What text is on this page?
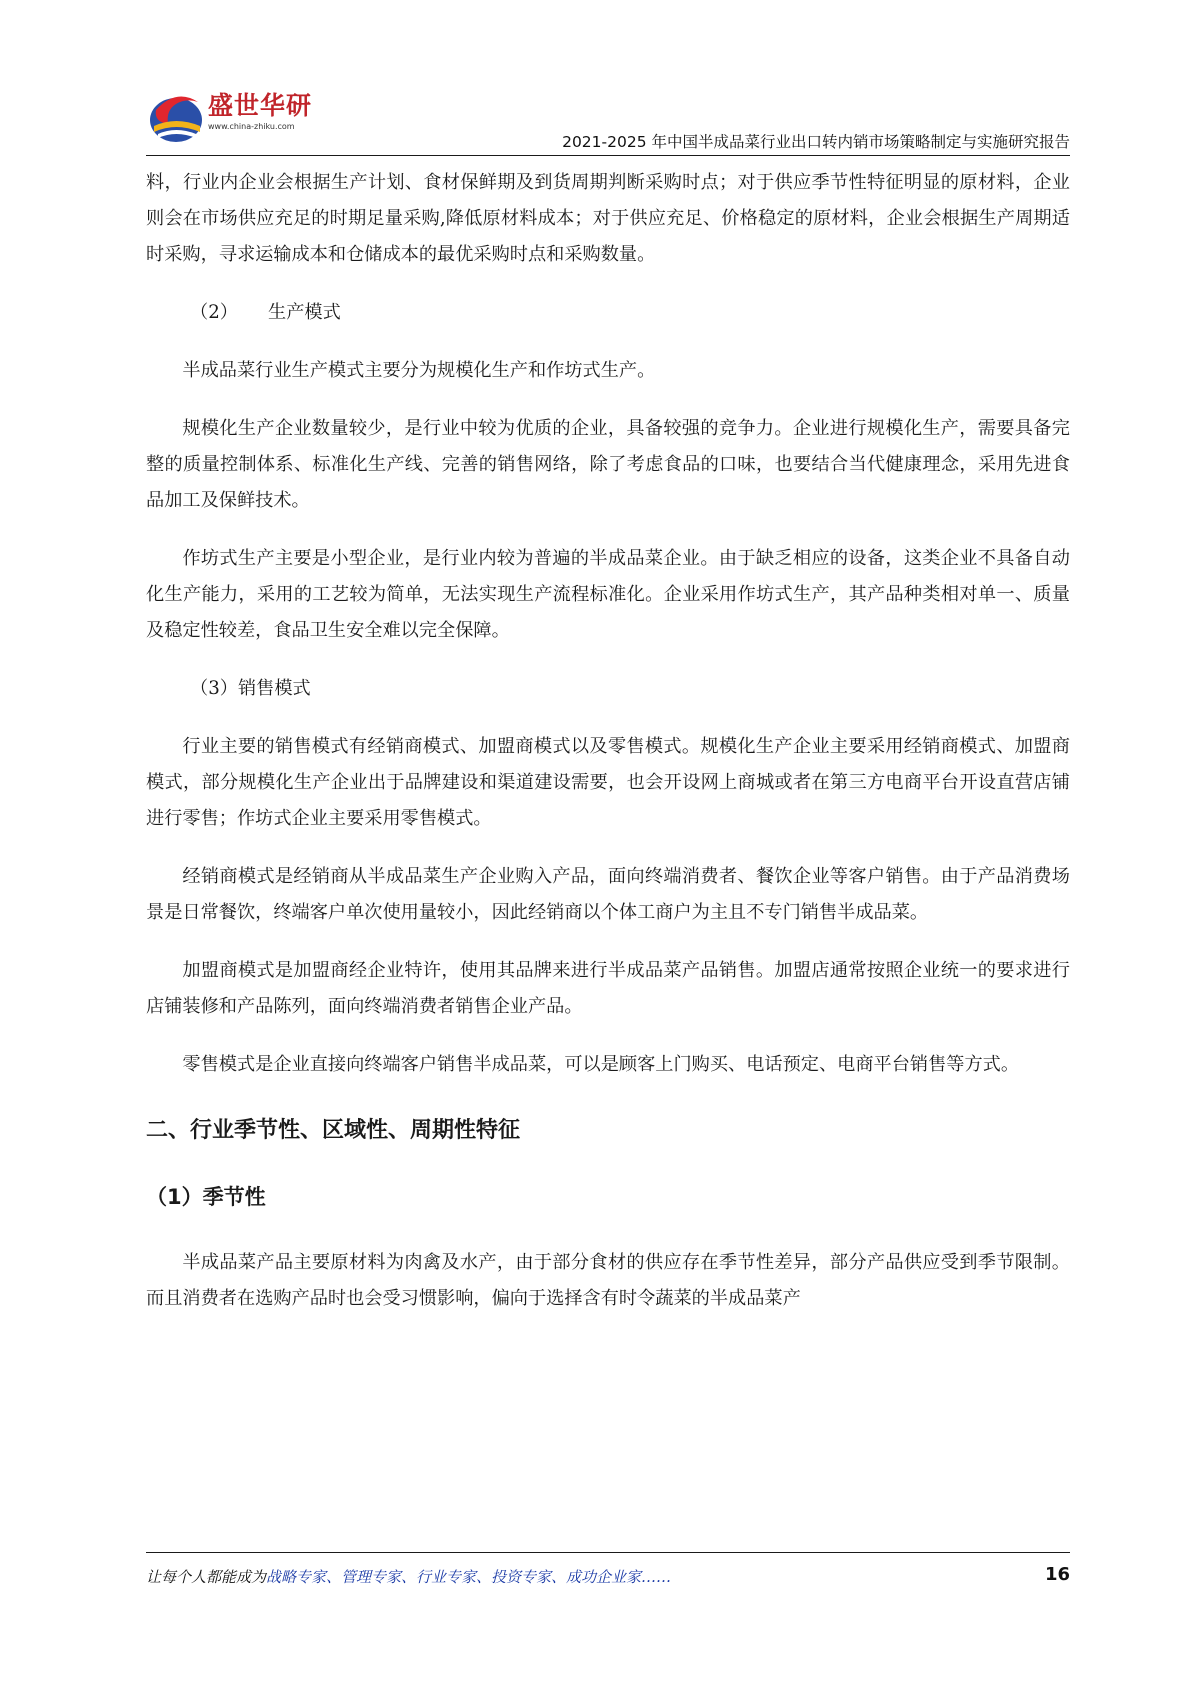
盛世华研
www.china-zhiku.com
2021-2025 年中国半成品菜行业出口转内销市场策略制定与实施研究报告

料，行业内企业会根据生产计划、食材保鲜期及到货周期判断采购时点；对于供应季节性特征明显的原材料，企业则会在市场供应充足的时期足量采购,降低原材料成本；对于供应充足、价格稳定的原材料，企业会根据生产周期适时采购，寻求运输成本和仓储成本的最优采购时点和采购数量。

（2） 生产模式

半成品菜行业生产模式主要分为规模化生产和作坊式生产。

规模化生产企业数量较少，是行业中较为优质的企业，具备较强的竞争力。企业进行规模化生产，需要具备完整的质量控制体系、标准化生产线、完善的销售网络，除了考虑食品的口味，也要结合当代健康理念，采用先进食品加工及保鲜技术。

作坊式生产主要是小型企业，是行业内较为普遍的半成品菜企业。由于缺乏相应的设备，这类企业不具备自动化生产能力，采用的工艺较为简单，无法实现生产流程标准化。企业采用作坊式生产，其产品种类相对单一、质量及稳定性较差，食品卫生安全难以完全保障。

（3）销售模式

行业主要的销售模式有经销商模式、加盟商模式以及零售模式。规模化生产企业主要采用经销商模式、加盟商模式，部分规模化生产企业出于品牌建设和渠道建设需要，也会开设网上商城或者在第三方电商平台开设直营店铺进行零售；作坊式企业主要采用零售模式。

经销商模式是经销商从半成品菜生产企业购入产品，面向终端消费者、餐饮企业等客户销售。由于产品消费场景是日常餐饮，终端客户单次使用量较小，因此经销商以个体工商户为主且不专门销售半成品菜。

加盟商模式是加盟商经企业特许，使用其品牌来进行半成品菜产品销售。加盟店通常按照企业统一的要求进行店铺装修和产品陈列，面向终端消费者销售企业产品。

零售模式是企业直接向终端客户销售半成品菜，可以是顾客上门购买、电话预定、电商平台销售等方式。

二、行业季节性、区域性、周期性特征
（1）季节性

半成品菜产品主要原材料为肉禽及水产，由于部分食材的供应存在季节性差异，部分产品供应受到季节限制。而且消费者在选购产品时也会受习惯影响，偏向于选择含有时令蔬菜的半成品菜产

让每个人都能成为战略专家、管理专家、行业专家、投资专家、成功企业家……	16
